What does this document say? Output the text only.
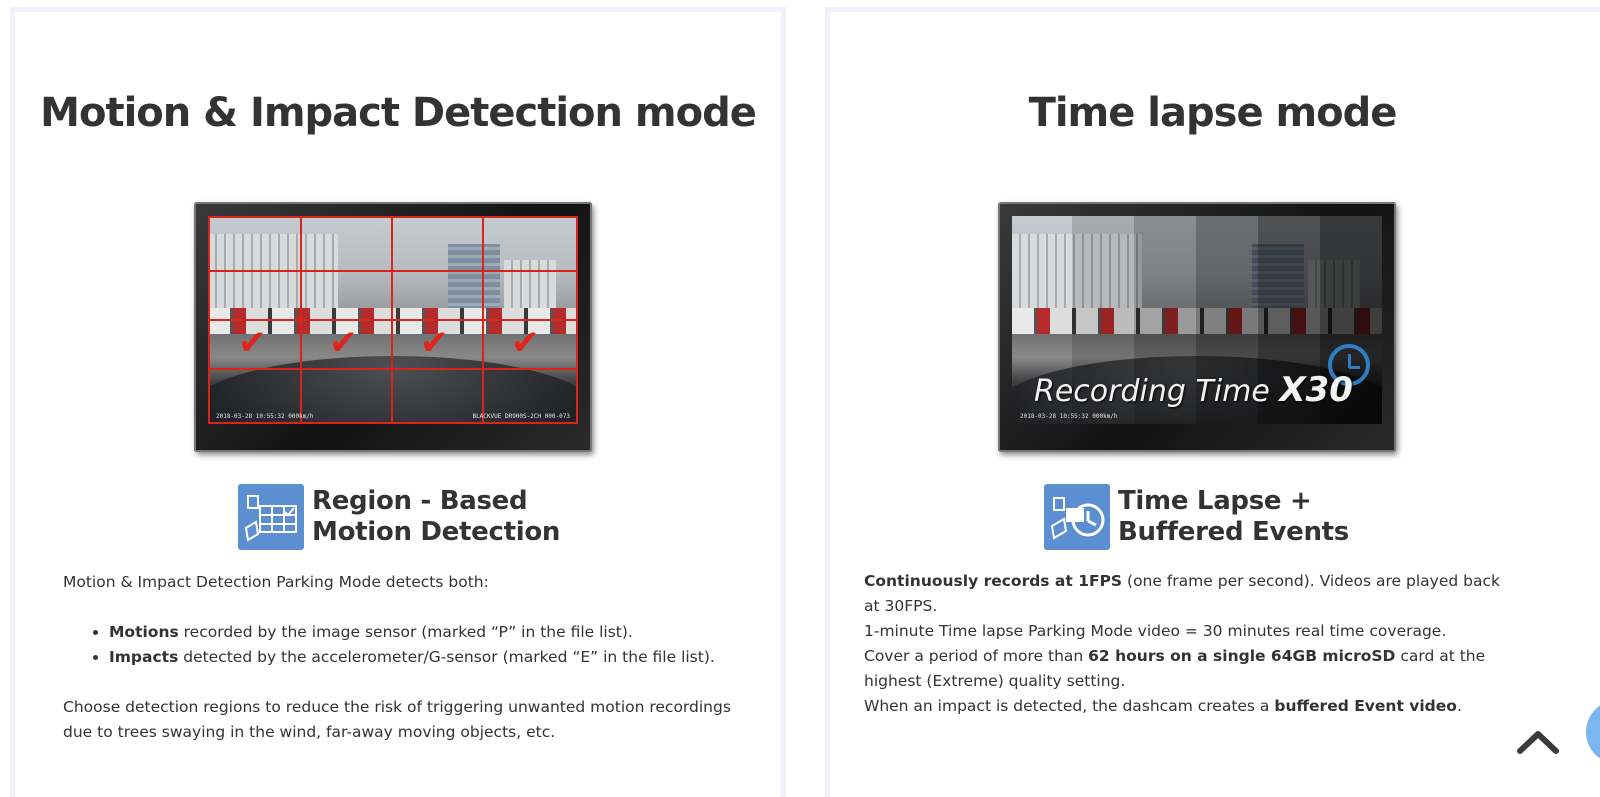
Motion & Impact Detection mode
✔ ✔ ✔ ✔
2018-03-28 10:55:32 000km/h	BLACKVUE DR900S-2CH 000-073
Region - Based
Motion Detection

Motion & Impact Detection Parking Mode detects both:

• Motions recorded by the image sensor (marked “P” in the file list).
• Impacts detected by the accelerometer/G-sensor (marked “E” in the file list).

Choose detection regions to reduce the risk of triggering unwanted motion recordings due to trees swaying in the wind, far-away moving objects, etc.

Time lapse mode
Recording Time X30
2018-03-28 10:55:32 000km/h
Time Lapse +
Buffered Events

Continuously records at 1FPS (one frame per second). Videos are played back at 30FPS.

1-minute Time lapse Parking Mode video = 30 minutes real time coverage.

Cover a period of more than 62 hours on a single 64GB microSD card at the highest (Extreme) quality setting.

When an impact is detected, the dashcam creates a buffered Event video.
